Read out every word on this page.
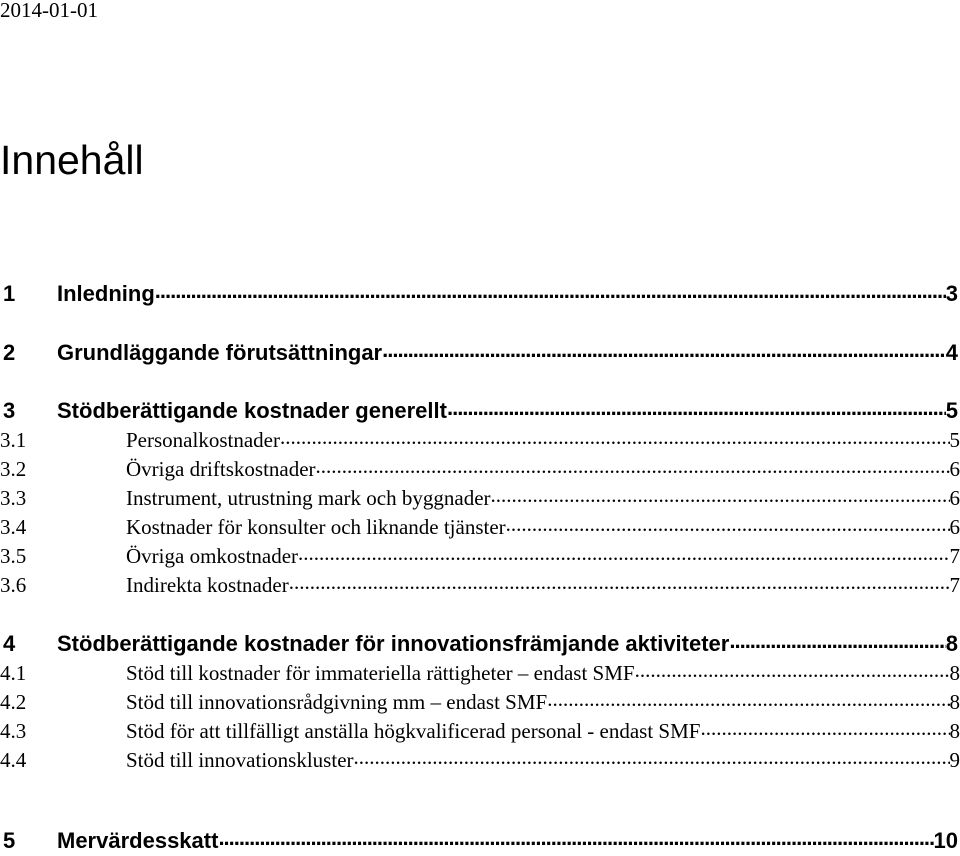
2014-01-01
Innehåll
1	Inledning .....	3
2	Grundläggande förutsättningar .....	4
3	Stödberättigande kostnader generellt .....	5
3.1	Personalkostnader .....	5
3.2	Övriga driftskostnader .....	6
3.3	Instrument, utrustning mark och byggnader .....	6
3.4	Kostnader för konsulter och liknande tjänster .....	6
3.5	Övriga omkostnader .....	7
3.6	Indirekta kostnader .....	7
4	Stödberättigande kostnader för innovationsfrämjande aktiviteter .....	8
4.1	Stöd till kostnader för immateriella rättigheter – endast SMF .....	8
4.2	Stöd till innovationsrådgivning mm – endast SMF .....	8
4.3	Stöd för att tillfälligt anställa högkvalificerad personal - endast SMF .....	8
4.4	Stöd till innovationskluster .....	9
5	Mervärdesskatt .....	10
